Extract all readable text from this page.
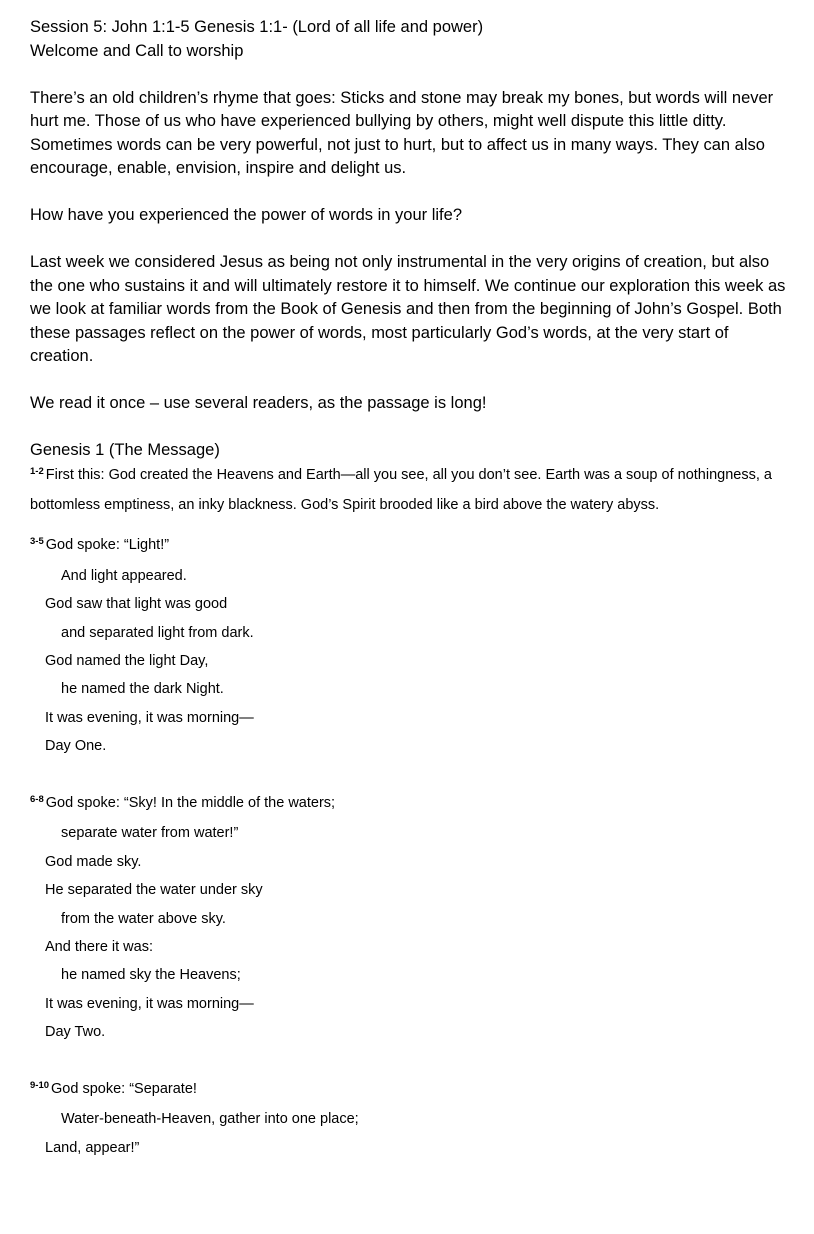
Session 5: John 1:1-5 Genesis 1:1- (Lord of all life and power)

Welcome and Call to worship

There’s an old children’s rhyme that goes: Sticks and stone may break my bones, but words will never hurt me. Those of us who have experienced bullying by others, might well dispute this little ditty. Sometimes words can be very powerful, not just to hurt, but to affect us in many ways. They can also encourage, enable, envision, inspire and delight us.

How have you experienced the power of words in your life?

Last week we considered Jesus as being not only instrumental in the very origins of creation, but also the one who sustains it and will ultimately restore it to himself. We continue our exploration this week as we look at familiar words from the Book of Genesis and then from the beginning of John’s Gospel. Both these passages reflect on the power of words, most particularly God’s words, at the very start of creation.

We read it once – use several readers, as the passage is long!

Genesis 1 (The Message)

$^{1-2}$ First this: God created the Heavens and Earth—all you see, all you don’t see. Earth was a soup of nothingness, a bottomless emptiness, an inky blackness. God’s Spirit brooded like a bird above the watery abyss.

$^{3-5}$ God spoke: “Light!”
And light appeared.
God saw that light was good
and separated light from dark.
God named the light Day,
he named the dark Night.
It was evening, it was morning—
Day One.
$^{6-8}$ God spoke: “Sky! In the middle of the waters;
separate water from water!”
God made sky.
He separated the water under sky
from the water above sky.
And there it was:
he named sky the Heavens;
It was evening, it was morning—
Day Two.
$^{9-10}$ God spoke: “Separate!
Water-beneath-Heaven, gather into one place;
Land, appear!”
